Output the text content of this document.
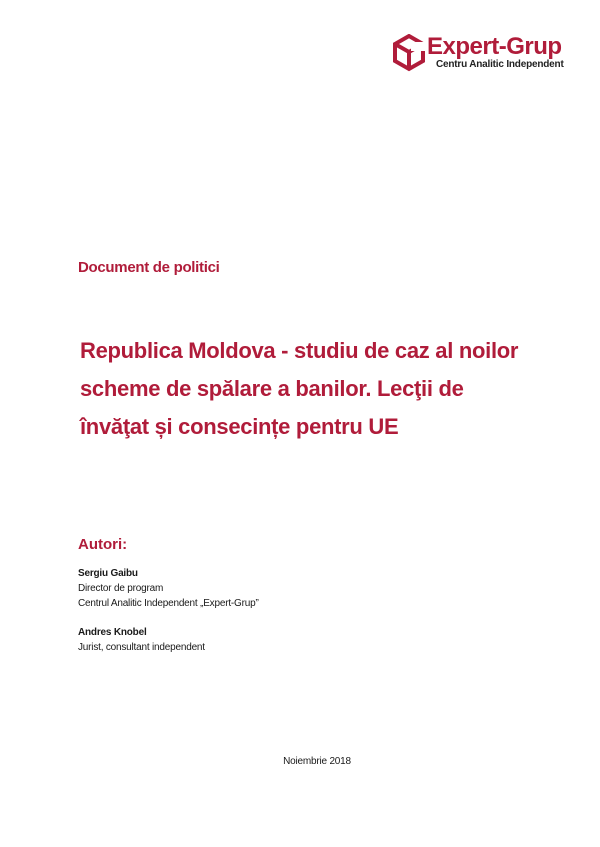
Expert-Grup
Centru Analitic Independent
Document de politici
Republica Moldova - studiu de caz al noilor
scheme de spălare a banilor. Lecţii de
învăţat și consecințe pentru UE
Autori:
Sergiu Gaibu
Director de program
Centrul Analitic Independent „Expert-Grup”
Andres Knobel
Jurist, consultant independent
Noiembrie 2018
